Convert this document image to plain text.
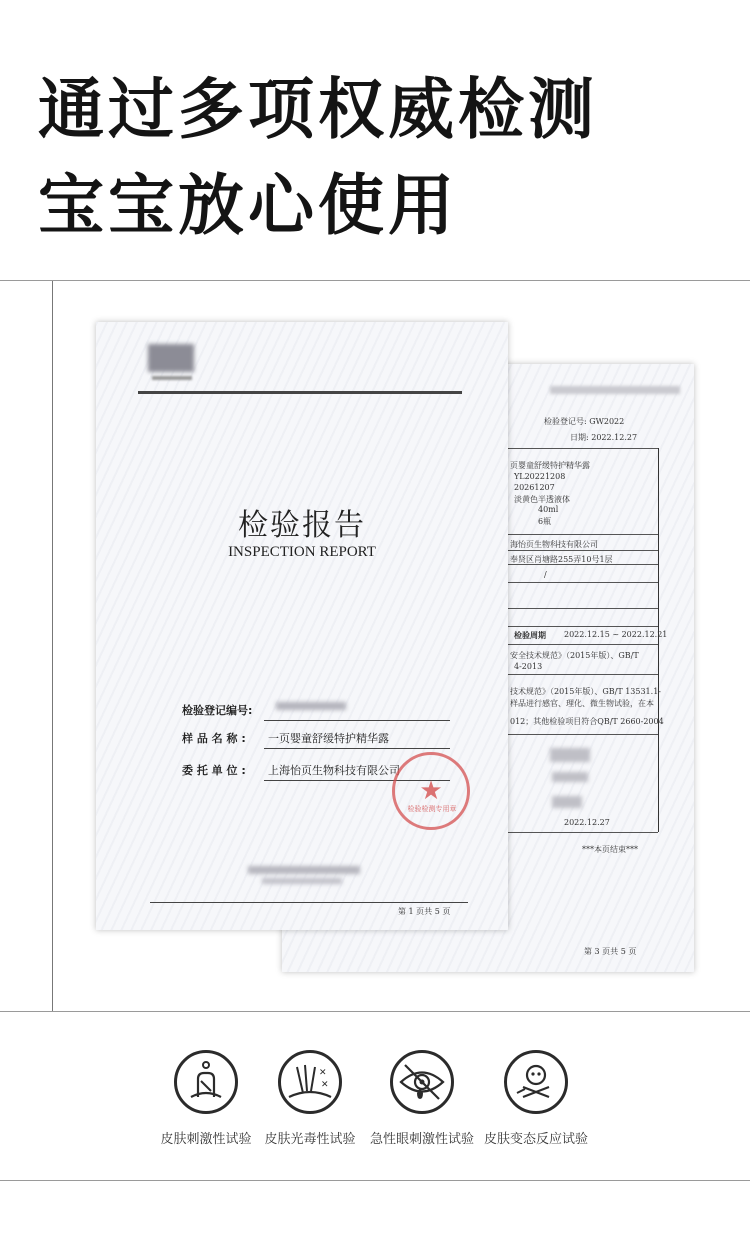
通过多项权威检测
宝宝放心使用
检验登记号: GW2022
日期: 2022.12.27
页婴童舒缓特护精华露
YL20221208
20261207
淡黄色半透液体
40ml
6瓶
海怡页生物科技有限公司
奉贤区肖塘路255弄10号1层
/
检验周期 2022.12.15 ~ 2022.12.21
安全技术规范》（2015年版）、GB/T
4-2013
技术规范》（2015年版）、GB/T 13531.1-
样品进行感官、理化、微生物试验，在本
012；其他检验项目符合QB/T 2660-2004
2022.12.27
***本页结束***
第 3 页共 5 页
检验报告
INSPECTION REPORT
检验登记编号:
样 品 名 称 : 一页婴童舒缓特护精华露
委 托 单 位 : 上海怡页生物科技有限公司
★
检验检测专用章
第 1 页共 5 页
皮肤刺激性试验
✕
✕
皮肤光毒性试验	急性眼刺激性试验 皮肤变态反应试验
